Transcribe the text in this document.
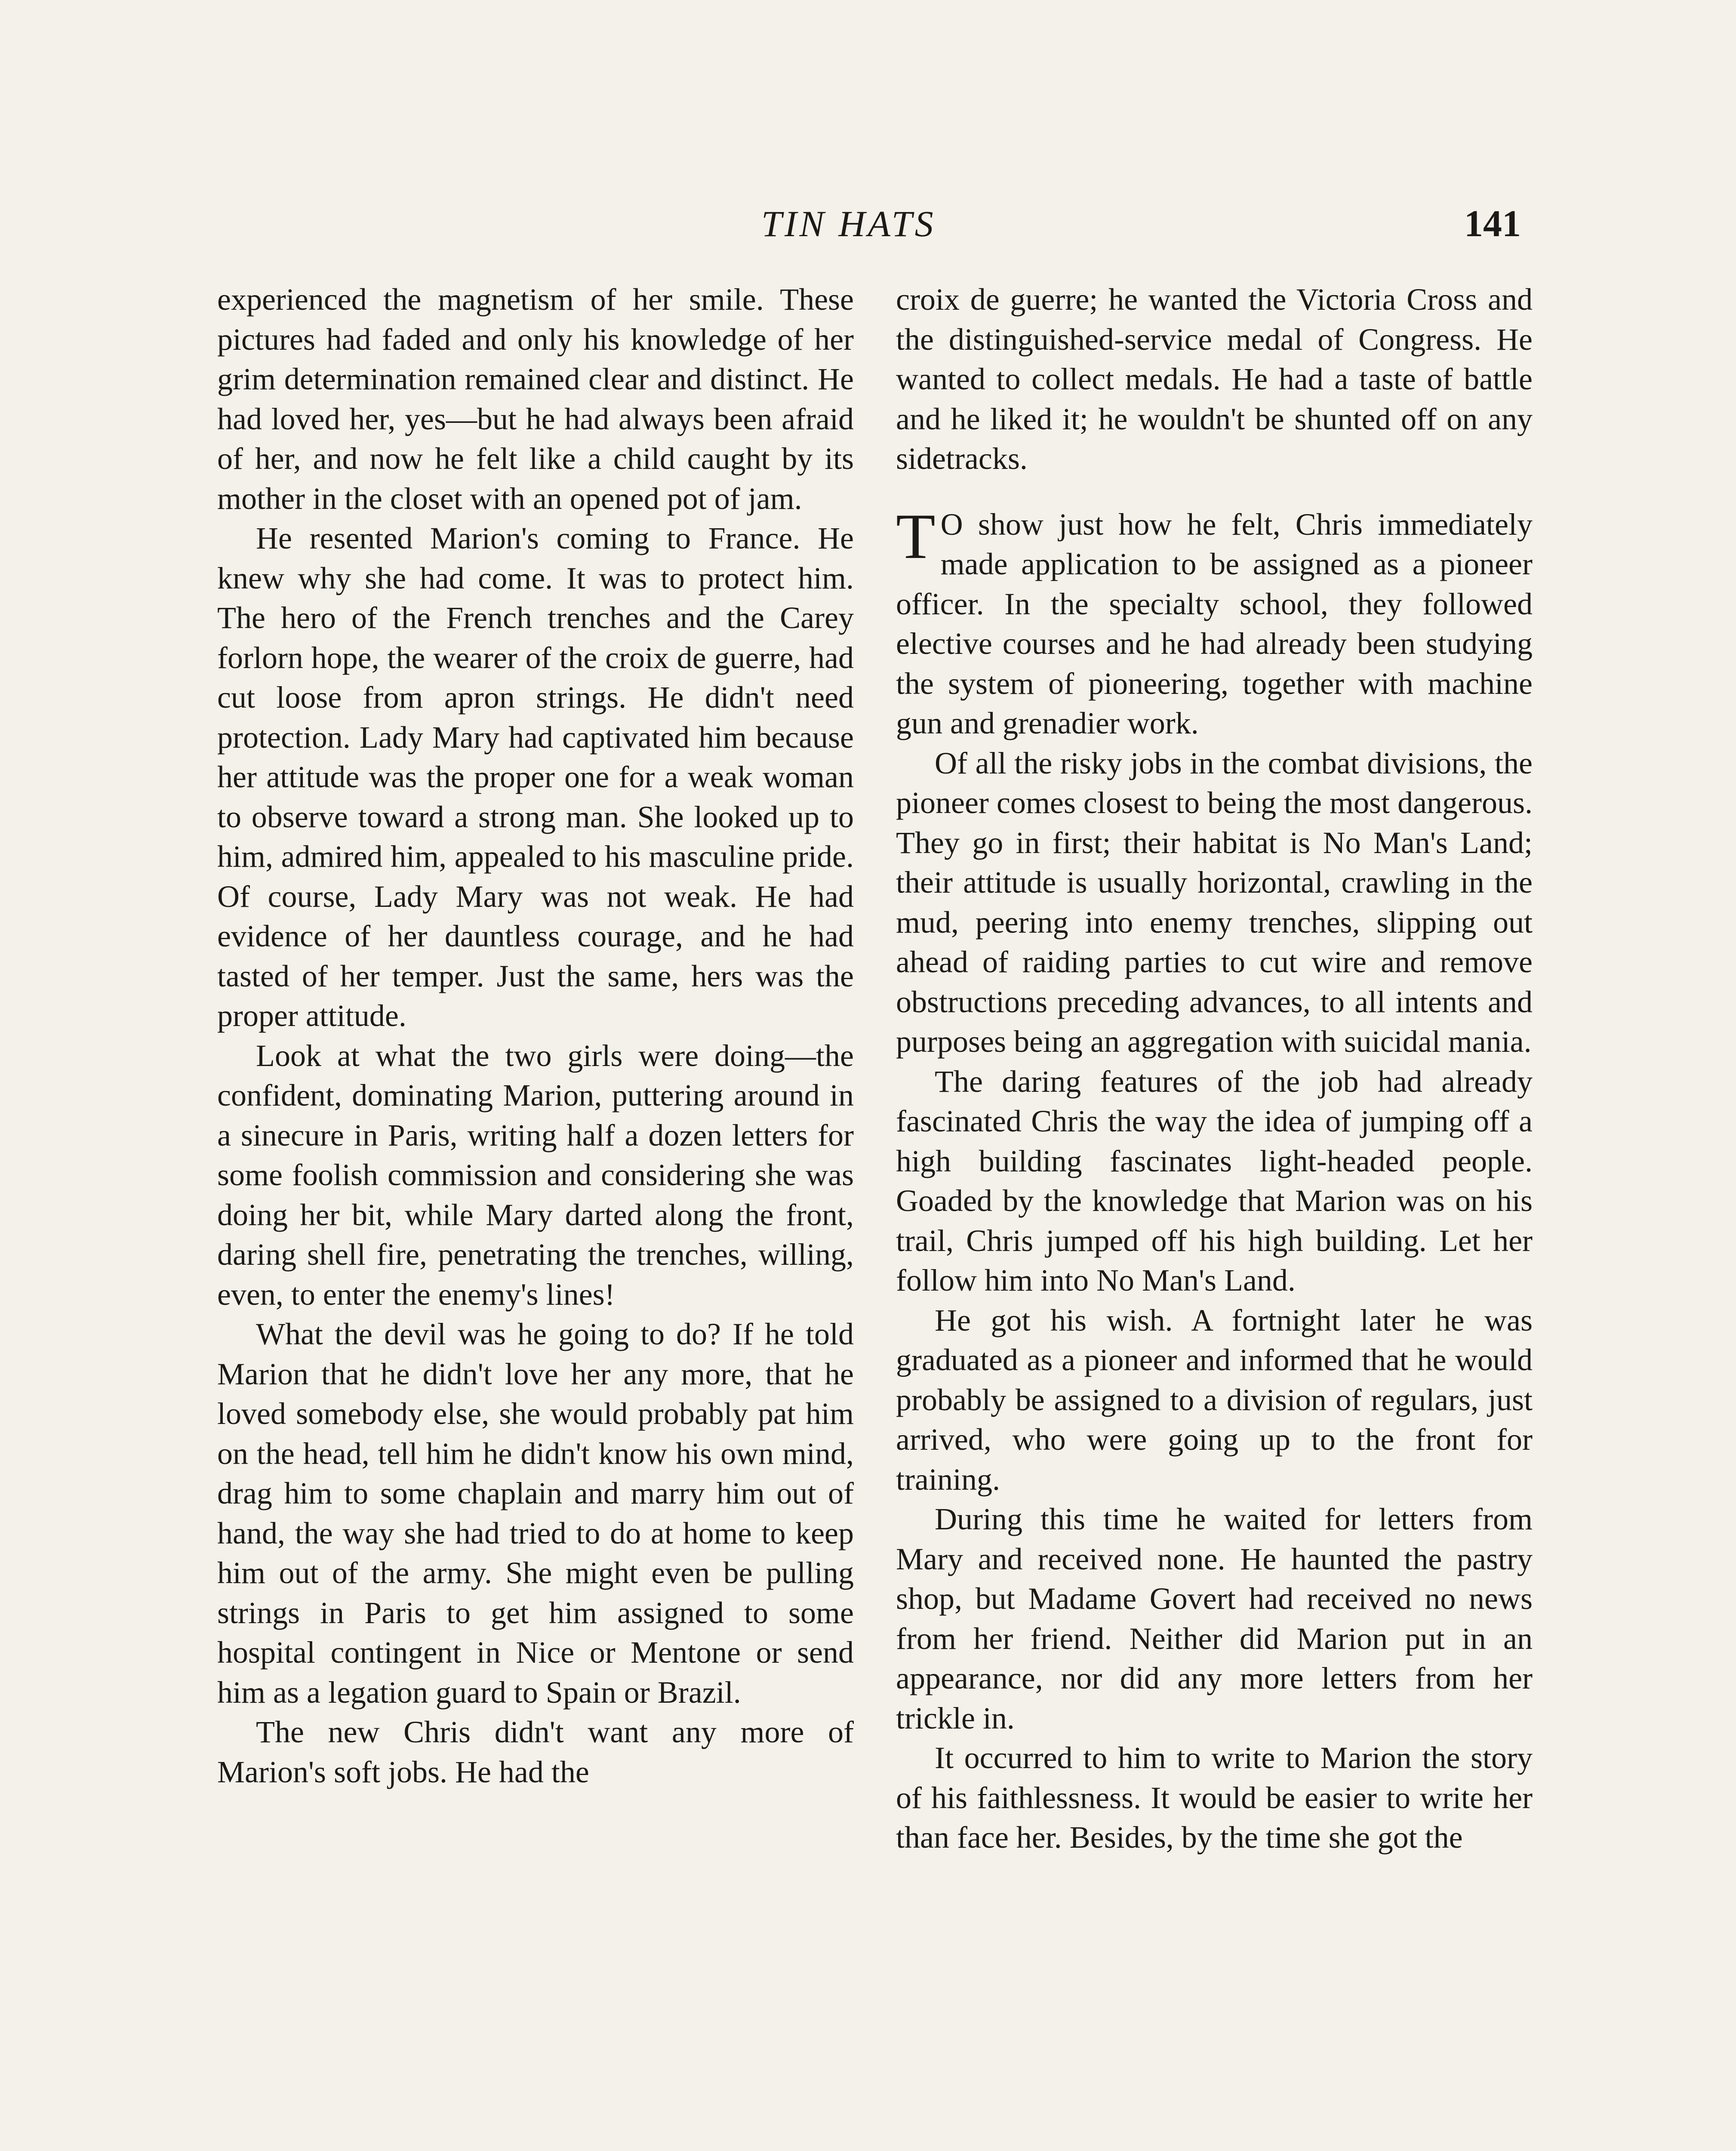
TIN HATS	141

experienced the magnetism of her smile. These pictures had faded and only his knowledge of her grim determination remained clear and distinct. He had loved her, yes—but he had always been afraid of her, and now he felt like a child caught by its mother in the closet with an opened pot of jam.

He resented Marion's coming to France. He knew why she had come. It was to protect him. The hero of the French trenches and the Carey forlorn hope, the wearer of the croix de guerre, had cut loose from apron strings. He didn't need protection. Lady Mary had captivated him because her attitude was the proper one for a weak woman to observe toward a strong man. She looked up to him, admired him, appealed to his masculine pride. Of course, Lady Mary was not weak. He had evidence of her dauntless courage, and he had tasted of her temper. Just the same, hers was the proper attitude.

Look at what the two girls were doing—the confident, dominating Marion, puttering around in a sinecure in Paris, writing half a dozen letters for some foolish commission and considering she was doing her bit, while Mary darted along the front, daring shell fire, penetrating the trenches, willing, even, to enter the enemy's lines!

What the devil was he going to do? If he told Marion that he didn't love her any more, that he loved somebody else, she would probably pat him on the head, tell him he didn't know his own mind, drag him to some chaplain and marry him out of hand, the way she had tried to do at home to keep him out of the army. She might even be pulling strings in Paris to get him assigned to some hospital contingent in Nice or Mentone or send him as a legation guard to Spain or Brazil.

The new Chris didn't want any more of Marion's soft jobs. He had the

croix de guerre; he wanted the Victoria Cross and the distinguished-service medal of Congress. He wanted to collect medals. He had a taste of battle and he liked it; he wouldn't be shunted off on any sidetracks.

T O show just how he felt, Chris immediately made application to be assigned as a pioneer officer. In the specialty school, they followed elective courses and he had already been studying the system of pioneering, together with machine gun and grenadier work.

Of all the risky jobs in the combat divisions, the pioneer comes closest to being the most dangerous. They go in first; their habitat is No Man's Land; their attitude is usually horizontal, crawling in the mud, peering into enemy trenches, slipping out ahead of raiding parties to cut wire and remove obstructions preceding advances, to all intents and purposes being an aggregation with suicidal mania.

The daring features of the job had already fascinated Chris the way the idea of jumping off a high building fascinates light-headed people. Goaded by the knowledge that Marion was on his trail, Chris jumped off his high building. Let her follow him into No Man's Land.

He got his wish. A fortnight later he was graduated as a pioneer and informed that he would probably be assigned to a division of regulars, just arrived, who were going up to the front for training.

During this time he waited for letters from Mary and received none. He haunted the pastry shop, but Madame Govert had received no news from her friend. Neither did Marion put in an appearance, nor did any more letters from her trickle in.

It occurred to him to write to Marion the story of his faithlessness. It would be easier to write her than face her. Besides, by the time she got the
